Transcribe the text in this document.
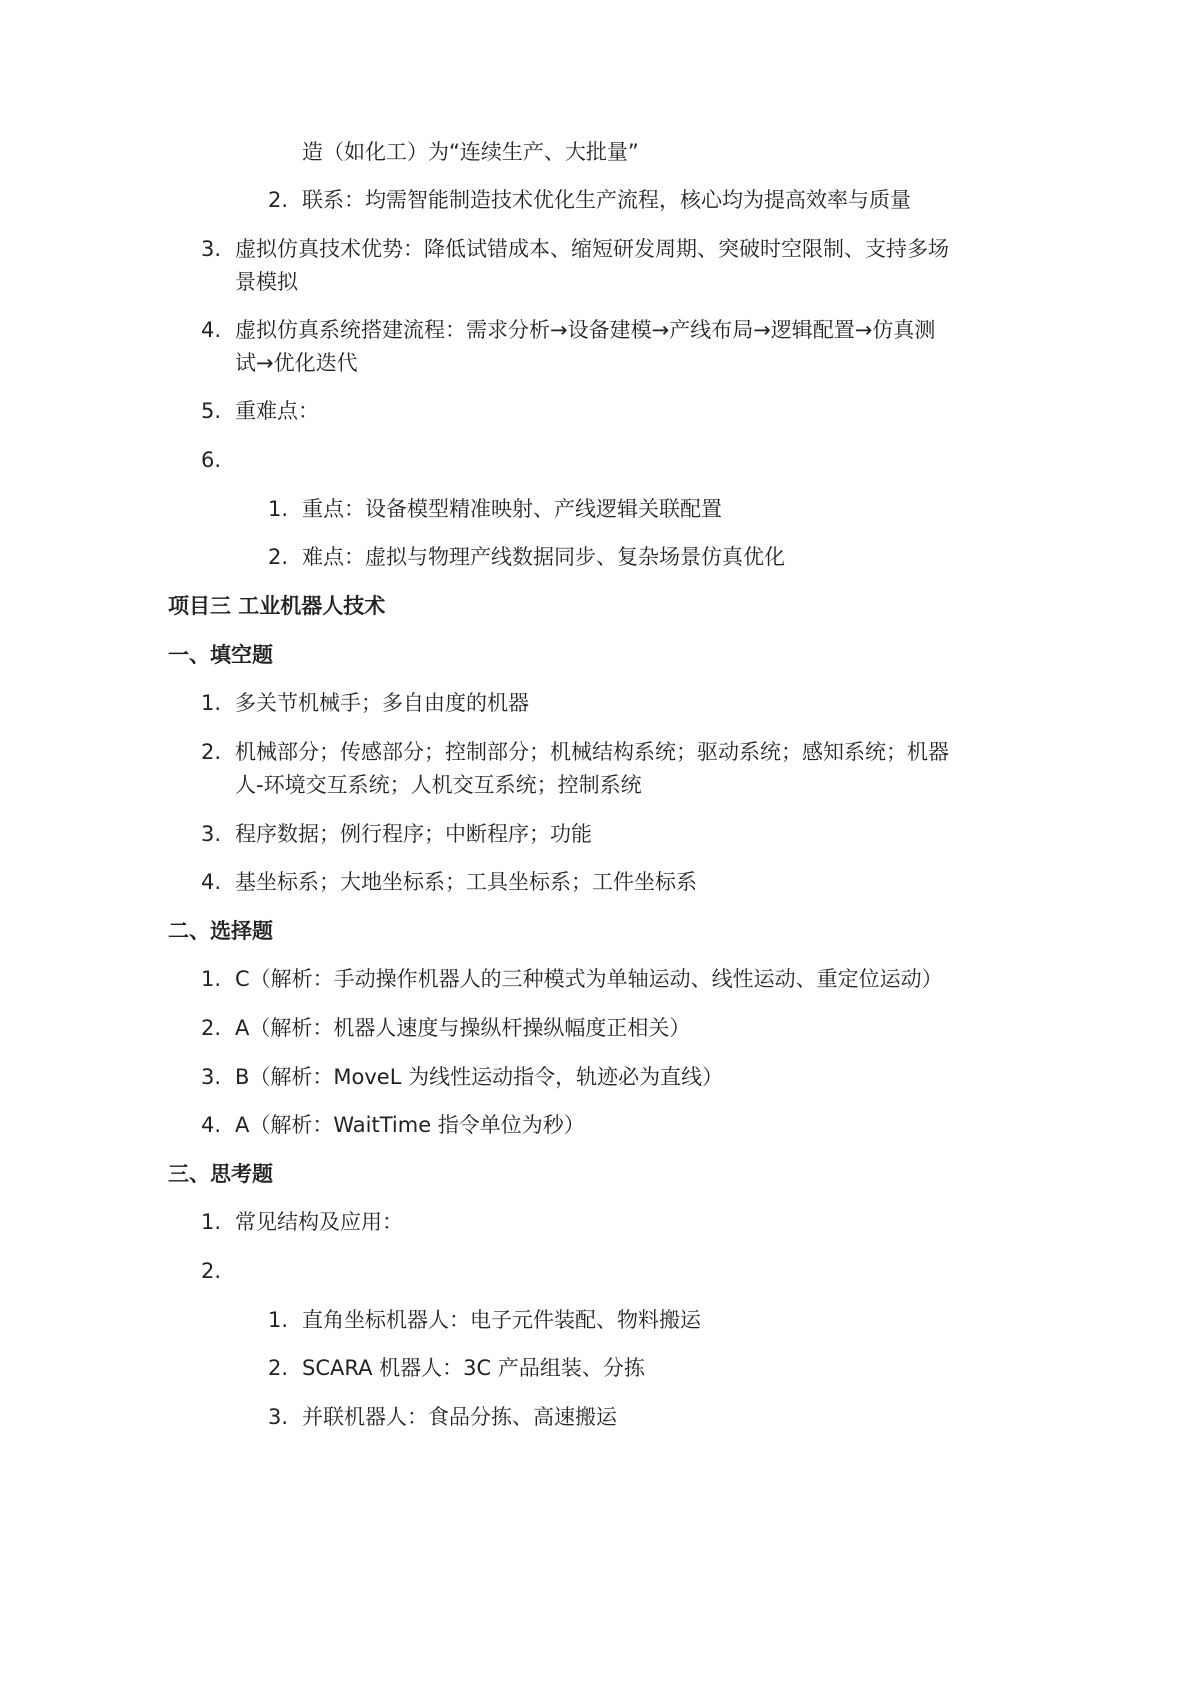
造（如化工）为“连续生产、大批量”
2. 联系：均需智能制造技术优化生产流程，核心均为提高效率与质量
3. 虚拟仿真技术优势：降低试错成本、缩短研发周期、突破时空限制、支持多场
景模拟
4. 虚拟仿真系统搭建流程：需求分析→设备建模→产线布局→逻辑配置→仿真测
试→优化迭代
5. 重难点：
6.
1. 重点：设备模型精准映射、产线逻辑关联配置
2. 难点：虚拟与物理产线数据同步、复杂场景仿真优化
项目三 工业机器人技术
一、填空题
1. 多关节机械手；多自由度的机器
2. 机械部分；传感部分；控制部分；机械结构系统；驱动系统；感知系统；机器
人-环境交互系统；人机交互系统；控制系统
3. 程序数据；例行程序；中断程序；功能
4. 基坐标系；大地坐标系；工具坐标系；工件坐标系
二、选择题
1. C（解析：手动操作机器人的三种模式为单轴运动、线性运动、重定位运动）
2. A（解析：机器人速度与操纵杆操纵幅度正相关）
3. B（解析：MoveL 为线性运动指令，轨迹必为直线）
4. A（解析：WaitTime 指令单位为秒）
三、思考题
1. 常见结构及应用：
2.
1. 直角坐标机器人：电子元件装配、物料搬运
2. SCARA 机器人：3C 产品组装、分拣
3. 并联机器人：食品分拣、高速搬运
